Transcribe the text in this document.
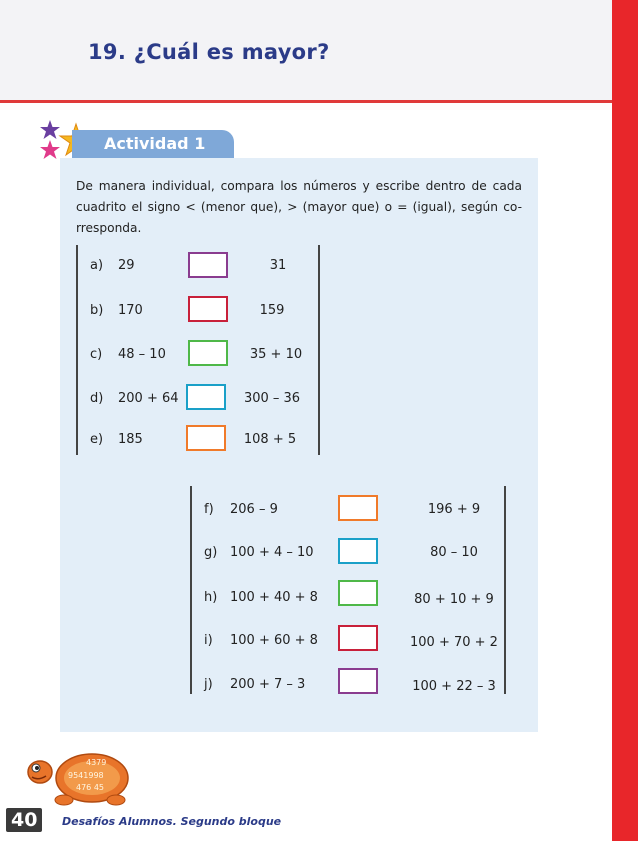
19. ¿Cuál es mayor?
Actividad 1
De manera individual, compara los números y escribe dentro de cada cuadrito el signo < (menor que), > (mayor que) o = (igual), según co-rresponda.
a) 29	31
b) 170	159
c) 48 – 10	35 + 10
d) 200 + 64	300 – 36
e) 185	108 + 5
f) 206 – 9	196 + 9
g) 100 + 4 – 10	80 – 10
h) 100 + 40 + 8	80 + 10 + 9
i) 100 + 60 + 8	100 + 70 + 2
j) 200 + 7 – 3	100 + 22 – 3
4379
9541998
476 45
40	Desafíos Alumnos. Segundo bloque
